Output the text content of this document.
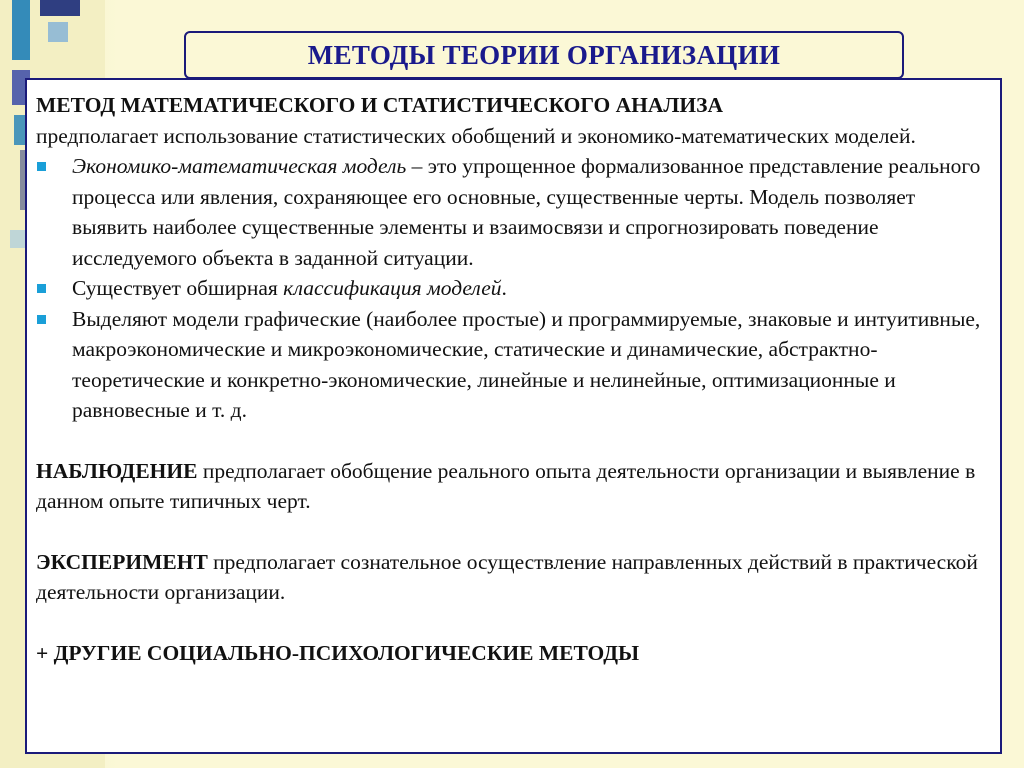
МЕТОДЫ ТЕОРИИ ОРГАНИЗАЦИИ
МЕТОД МАТЕМАТИЧЕСКОГО И СТАТИСТИЧЕСКОГО АНАЛИЗА

предполагает использование статистических обобщений и экономико-математических моделей.

Экономико-математическая модель – это упрощенное формализованное представление реального процесса или явления, сохраняющее его основные, существенные черты. Модель позволяет выявить наиболее существенные элементы и взаимосвязи и спрогнозировать поведение исследуемого объекта в заданной ситуации.
Существует обширная классификация моделей.
Выделяют модели графические (наиболее простые) и программируемые, знаковые и интуитивные, макроэкономические и микроэкономические, статические и динамические, абстрактно-теоретические и конкретно-экономические, линейные и нелинейные, оптимизационные и равновесные и т. д.

НАБЛЮДЕНИЕ предполагает обобщение реального опыта деятельности организации и выявление в данном опыте типичных черт.

ЭКСПЕРИМЕНТ предполагает сознательное осуществление направленных действий в практической деятельности организации.

+ ДРУГИЕ СОЦИАЛЬНО-ПСИХОЛОГИЧЕСКИЕ МЕТОДЫ
